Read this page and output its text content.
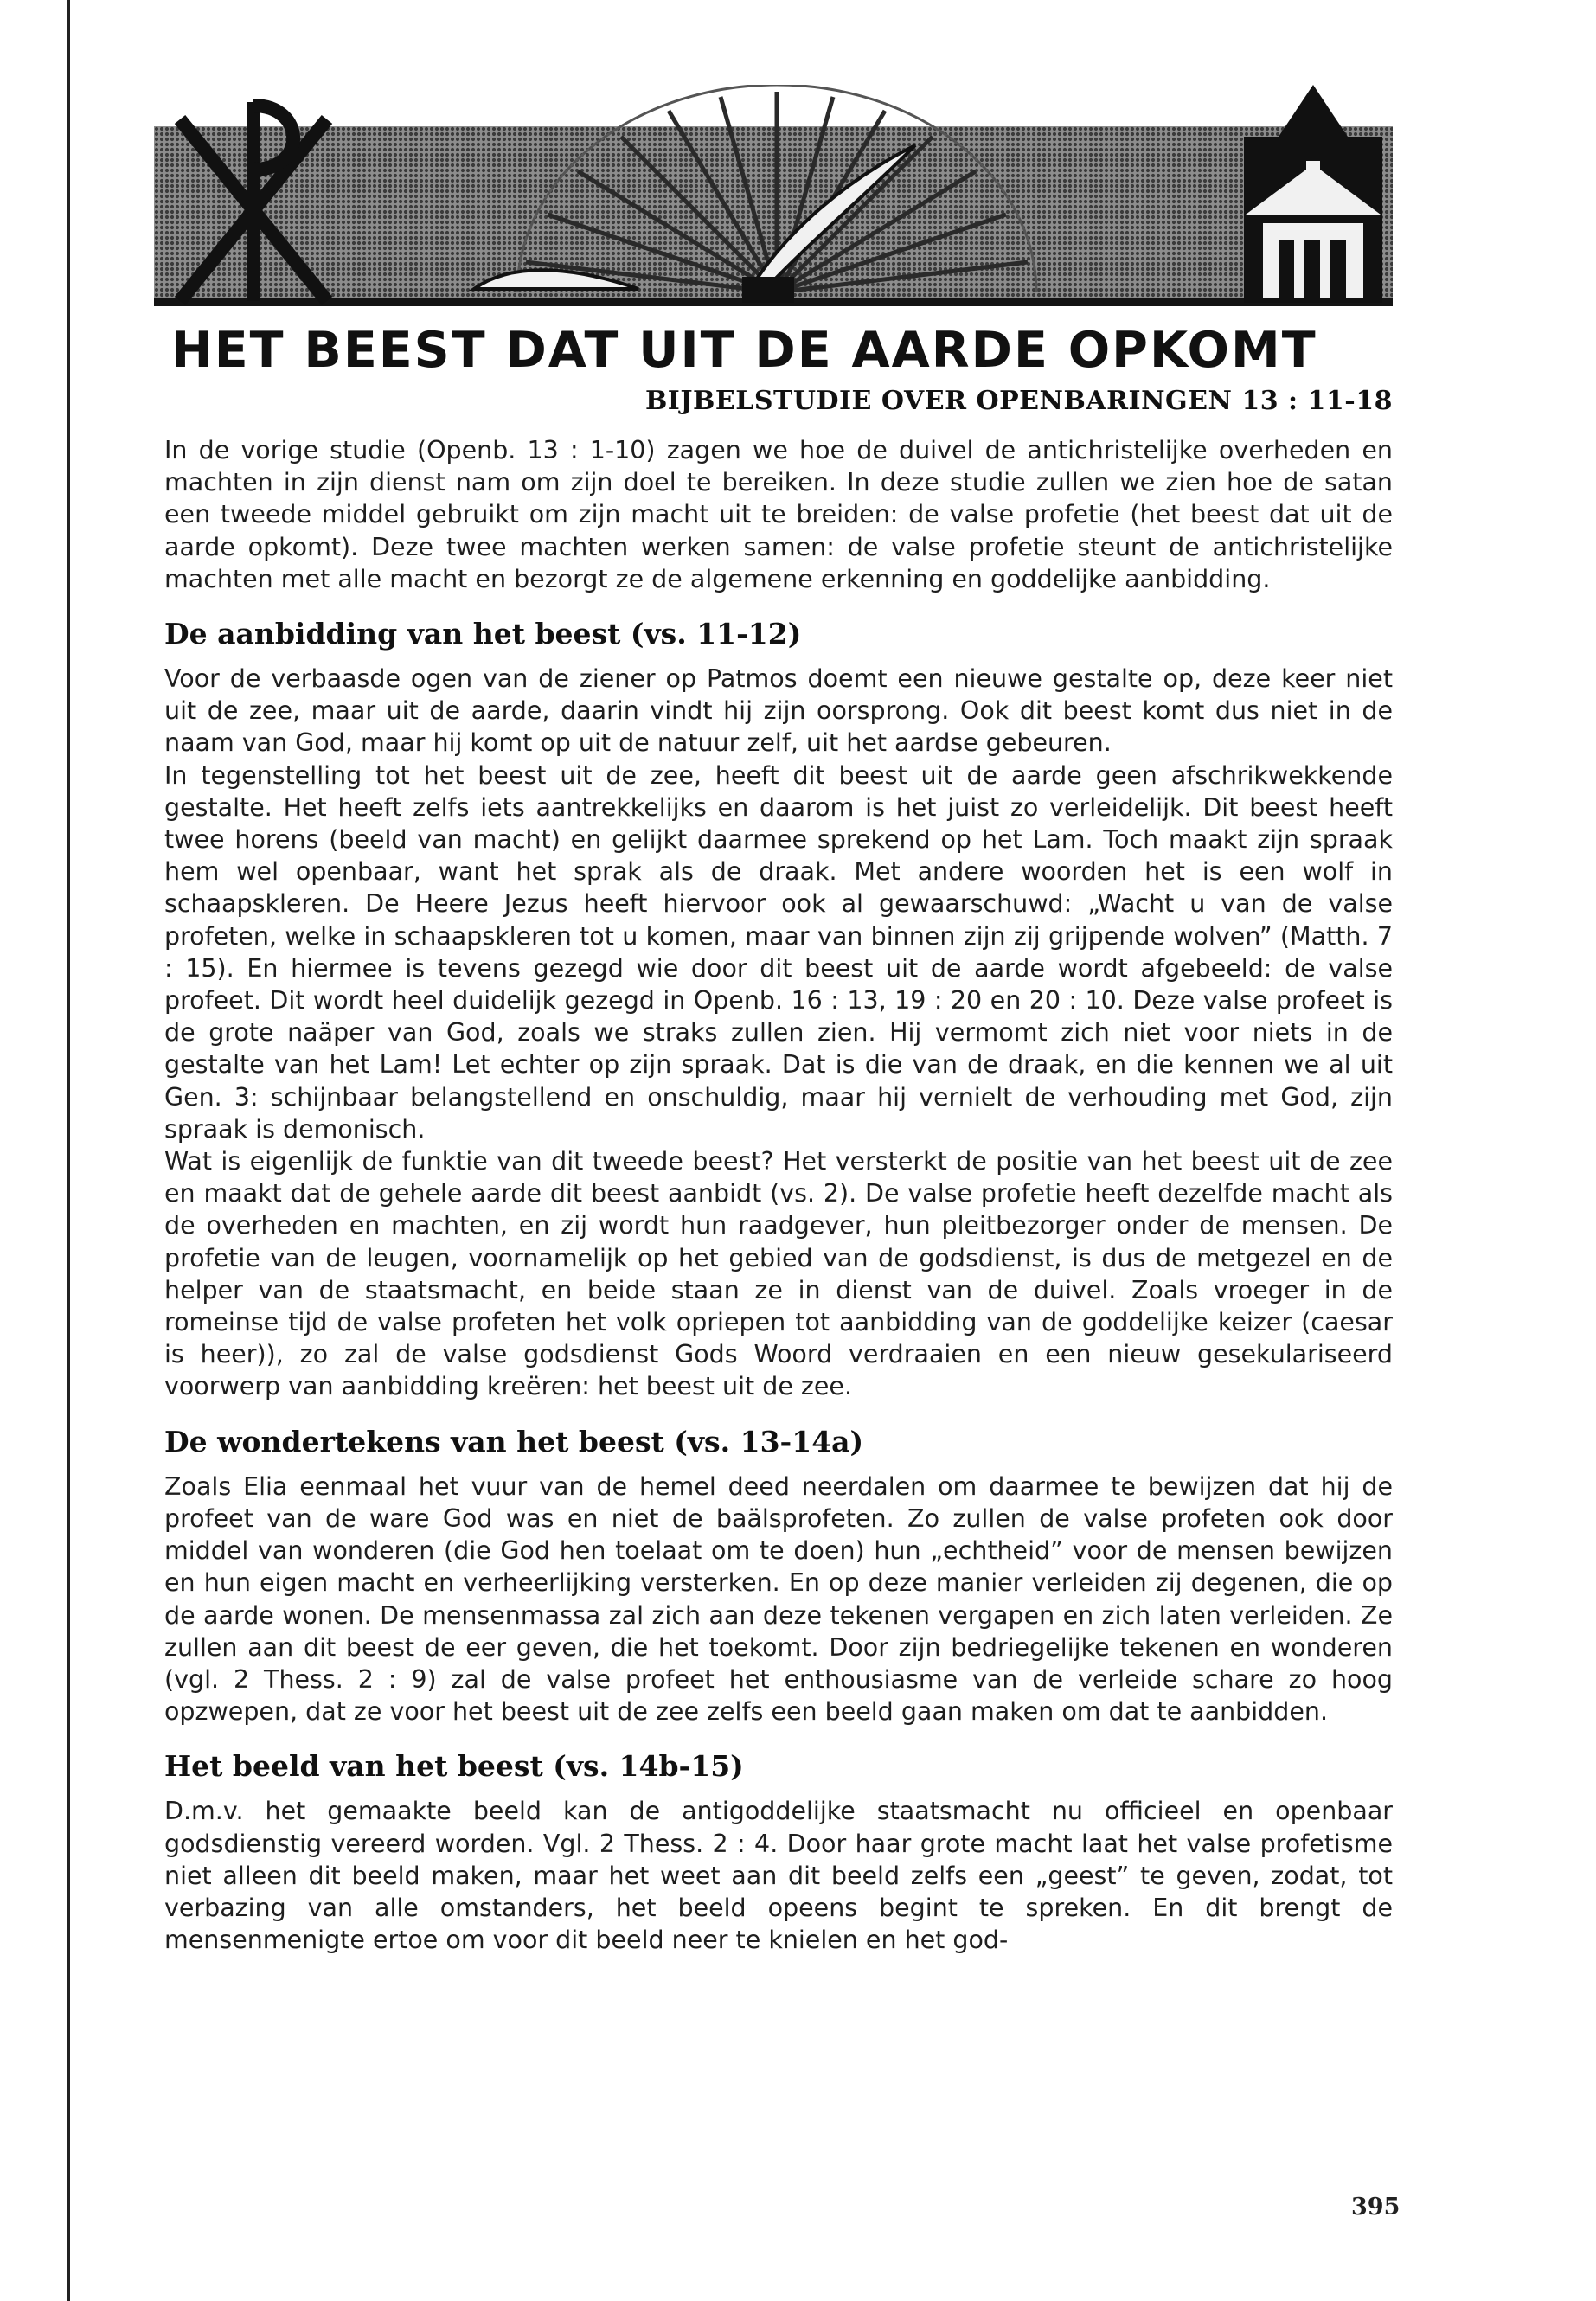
HET BEEST DAT UIT DE AARDE OPKOMT
BIJBELSTUDIE OVER OPENBARINGEN 13 : 11-18

In de vorige studie (Openb. 13 : 1-10) zagen we hoe de duivel de antichristelijke overheden en machten in zijn dienst nam om zijn doel te bereiken. In deze studie zullen we zien hoe de satan een tweede middel gebruikt om zijn macht uit te breiden: de valse profetie (het beest dat uit de aarde opkomt). Deze twee machten werken samen: de valse profetie steunt de antichristelijke machten met alle macht en bezorgt ze de algemene erkenning en goddelijke aanbidding.

De aanbidding van het beest (vs. 11-12)

Voor de verbaasde ogen van de ziener op Patmos doemt een nieuwe gestalte op, deze keer niet uit de zee, maar uit de aarde, daarin vindt hij zijn oorsprong. Ook dit beest komt dus niet in de naam van God, maar hij komt op uit de natuur zelf, uit het aardse gebeuren.

In tegenstelling tot het beest uit de zee, heeft dit beest uit de aarde geen afschrikwekkende gestalte. Het heeft zelfs iets aantrekkelijks en daarom is het juist zo verleidelijk. Dit beest heeft twee horens (beeld van macht) en gelijkt daarmee sprekend op het Lam. Toch maakt zijn spraak hem wel openbaar, want het sprak als de draak. Met andere woorden het is een wolf in schaapskleren. De Heere Jezus heeft hiervoor ook al gewaarschuwd: „Wacht u van de valse profeten, welke in schaapskleren tot u komen, maar van binnen zijn zij grijpende wolven” (Matth. 7 : 15). En hiermee is tevens gezegd wie door dit beest uit de aarde wordt afgebeeld: de valse profeet. Dit wordt heel duidelijk gezegd in Openb. 16 : 13, 19 : 20 en 20 : 10. Deze valse profeet is de grote naäper van God, zoals we straks zullen zien. Hij vermomt zich niet voor niets in de gestalte van het Lam! Let echter op zijn spraak. Dat is die van de draak, en die kennen we al uit Gen. 3: schijnbaar belangstellend en onschuldig, maar hij vernielt de verhouding met God, zijn spraak is demonisch.

Wat is eigenlijk de funktie van dit tweede beest? Het versterkt de positie van het beest uit de zee en maakt dat de gehele aarde dit beest aanbidt (vs. 2). De valse profetie heeft dezelfde macht als de overheden en machten, en zij wordt hun raadgever, hun pleitbezorger onder de mensen. De profetie van de leugen, voornamelijk op het gebied van de godsdienst, is dus de metgezel en de helper van de staatsmacht, en beide staan ze in dienst van de duivel. Zoals vroeger in de romeinse tijd de valse profeten het volk opriepen tot aanbidding van de goddelijke keizer (caesar is heer)), zo zal de valse godsdienst Gods Woord verdraaien en een nieuw gesekulariseerd voorwerp van aanbidding kreëren: het beest uit de zee.

De wondertekens van het beest (vs. 13-14a)

Zoals Elia eenmaal het vuur van de hemel deed neerdalen om daarmee te bewijzen dat hij de profeet van de ware God was en niet de baälsprofeten. Zo zullen de valse profeten ook door middel van wonderen (die God hen toelaat om te doen) hun „echtheid” voor de mensen bewijzen en hun eigen macht en verheerlijking versterken. En op deze manier verleiden zij degenen, die op de aarde wonen. De mensenmassa zal zich aan deze tekenen vergapen en zich laten verleiden. Ze zullen aan dit beest de eer geven, die het toekomt. Door zijn bedriegelijke tekenen en wonderen (vgl. 2 Thess. 2 : 9) zal de valse profeet het enthousiasme van de verleide schare zo hoog opzwepen, dat ze voor het beest uit de zee zelfs een beeld gaan maken om dat te aanbidden.

Het beeld van het beest (vs. 14b-15)

D.m.v. het gemaakte beeld kan de antigoddelijke staatsmacht nu officieel en openbaar godsdienstig vereerd worden. Vgl. 2 Thess. 2 : 4. Door haar grote macht laat het valse profetisme niet alleen dit beeld maken, maar het weet aan dit beeld zelfs een „geest” te geven, zodat, tot verbazing van alle omstanders, het beeld opeens begint te spreken. En dit brengt de mensenmenigte ertoe om voor dit beeld neer te knielen en het god-

395
